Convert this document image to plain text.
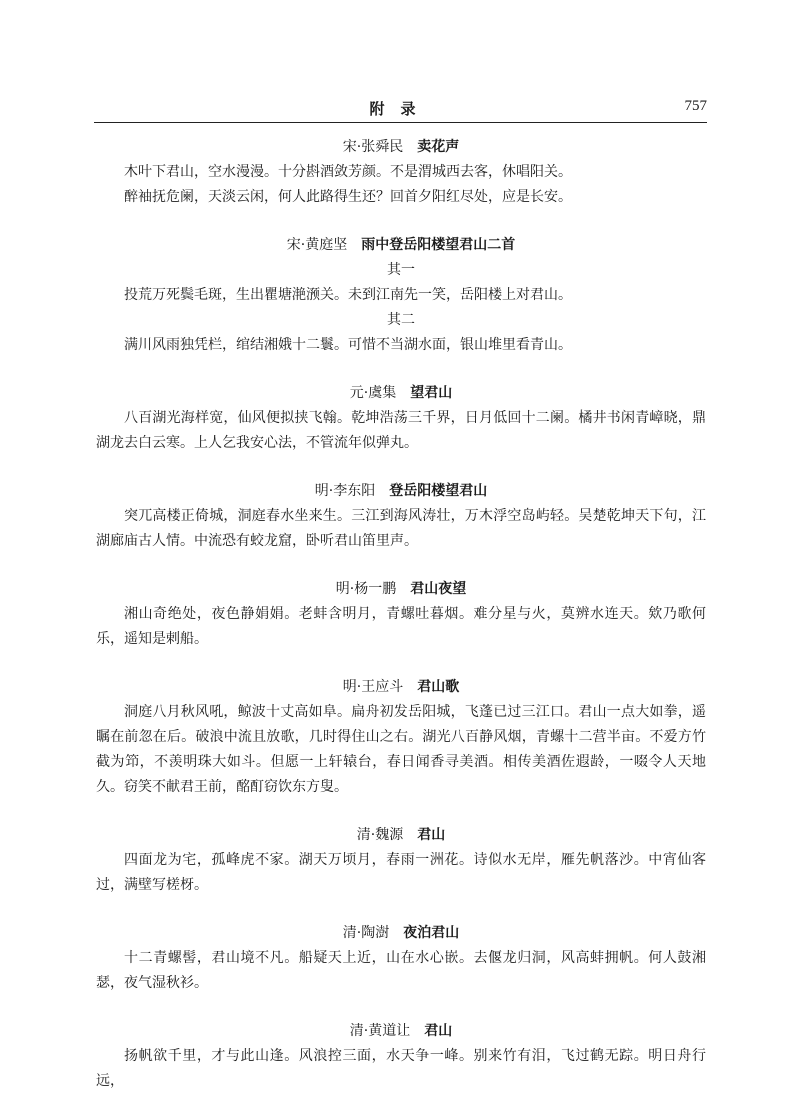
附录	757
宋·张舜民 卖花声
木叶下君山，空水漫漫。十分斟酒敛芳颜。不是渭城西去客，休唱阳关。
醉袖抚危阑，天淡云闲，何人此路得生还？回首夕阳红尽处，应是长安。
宋·黄庭坚 雨中登岳阳楼望君山二首
其一
投荒万死鬓毛斑，生出瞿塘滟滪关。未到江南先一笑，岳阳楼上对君山。
其二
满川风雨独凭栏，绾结湘娥十二鬟。可惜不当湖水面，银山堆里看青山。
元·虞集 望君山
八百湖光海样宽，仙风便拟挟飞翰。乾坤浩荡三千界，日月低回十二阑。橘井书闲青嶂晓，鼎湖龙去白云寒。上人乞我安心法，不管流年似弹丸。
明·李东阳 登岳阳楼望君山
突兀高楼正倚城，洞庭春水坐来生。三江到海风涛壮，万木浮空岛屿轻。吴楚乾坤天下句，江湖廊庙古人情。中流恐有蛟龙窟，卧听君山笛里声。
明·杨一鹏 君山夜望
湘山奇绝处，夜色静娟娟。老蚌含明月，青螺吐暮烟。难分星与火，莫辨水连天。欸乃歌何乐，遥知是剌船。
明·王应斗 君山歌
洞庭八月秋风吼，鲸波十丈高如阜。扁舟初发岳阳城，飞蓬已过三江口。君山一点大如拳，遥瞩在前忽在后。破浪中流且放歌，几时得住山之右。湖光八百静风烟，青螺十二营半亩。不爱方竹截为笻，不羡明珠大如斗。但愿一上轩辕台，春日闻香寻美酒。相传美酒佐遐龄，一啜令人天地久。窃笑不献君王前，酩酊窃饮东方叟。
清·魏源 君山
四面龙为宅，孤峰虎不家。湖天万顷月，春雨一洲花。诗似水无岸，雁先帆落沙。中宵仙客过，满壁写槎枒。
清·陶澍 夜泊君山
十二青螺髻，君山境不凡。船疑天上近，山在水心嵌。去偃龙归洞，风高蚌拥帆。何人鼓湘瑟，夜气湿秋衫。
清·黄道让 君山
扬帆欲千里，才与此山逢。风浪控三面，水天争一峰。别来竹有泪，飞过鹤无踪。明日舟行远，
